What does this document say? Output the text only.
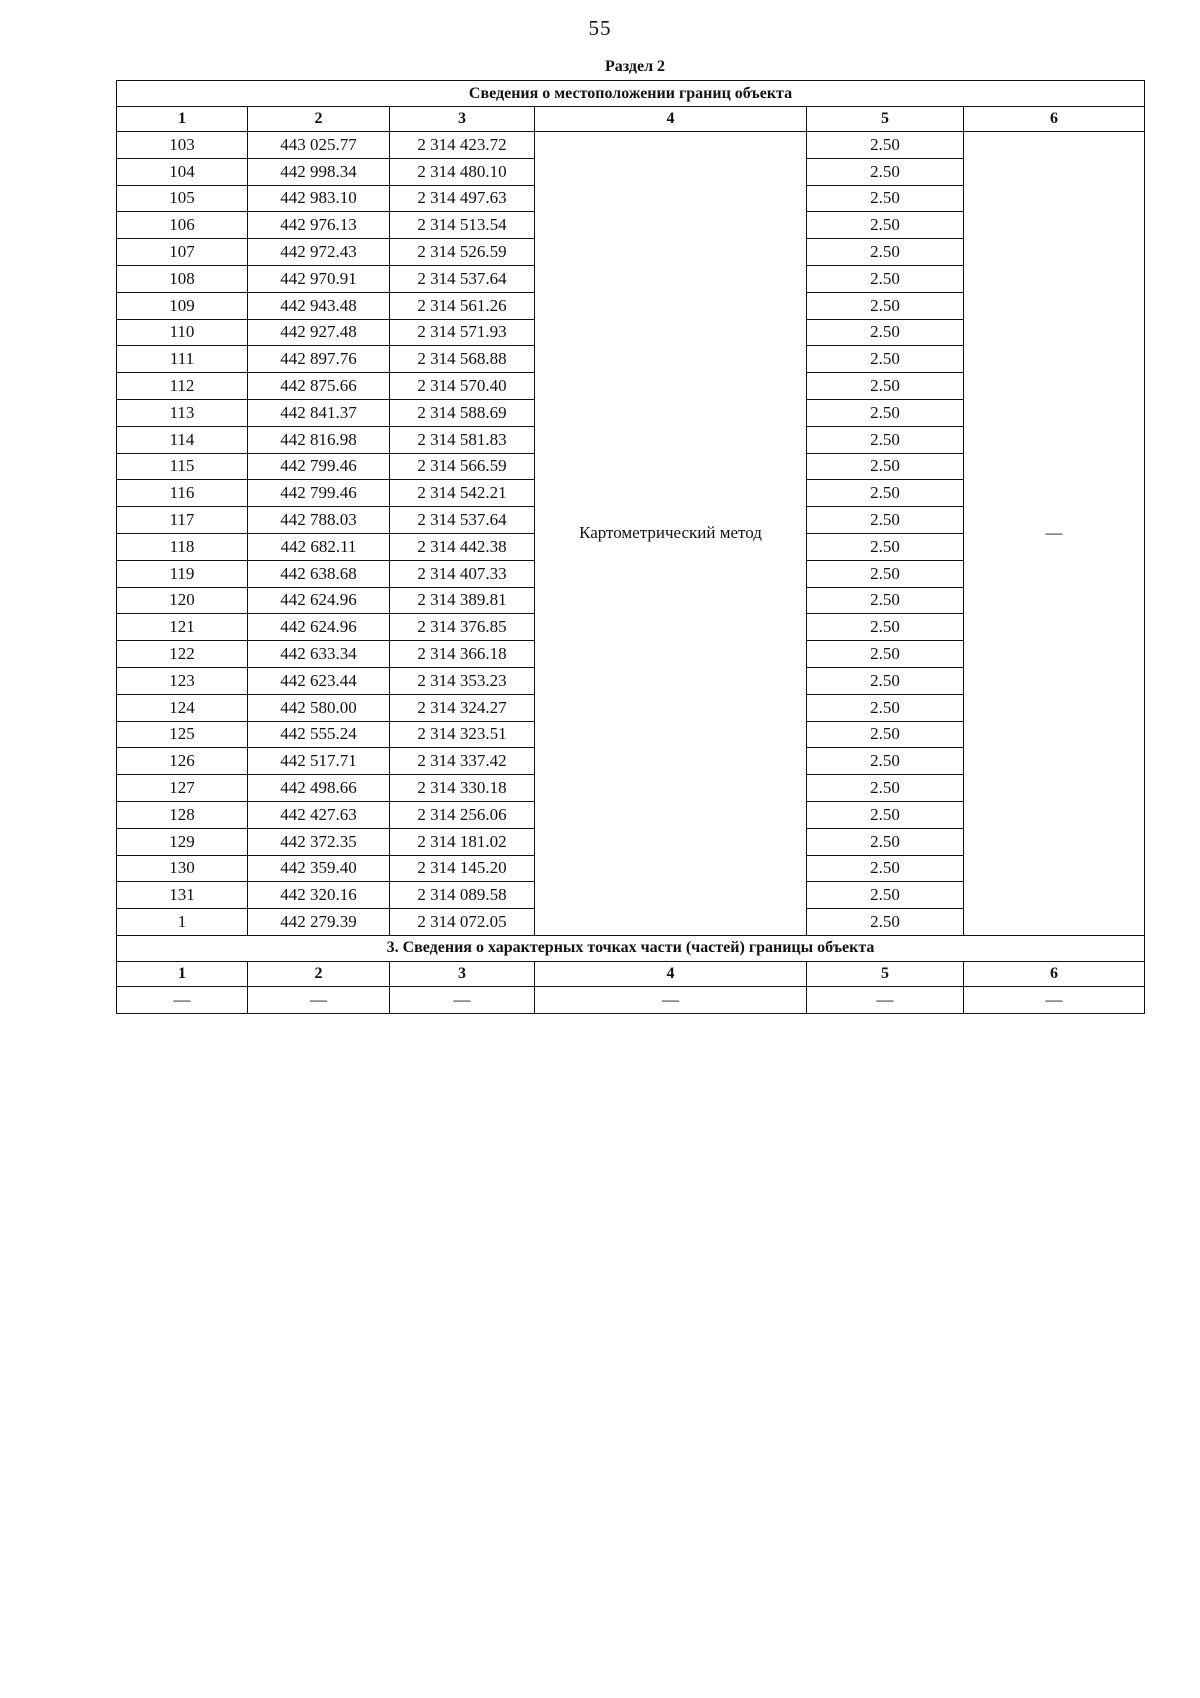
55
Раздел 2
Сведения о местоположении границ объекта					
1	2	3	4	5	6
103	443 025.77	2 314 423.72	Картометрический метод	2.50	—
104	442 998.34	2 314 480.10		2.50	
105	442 983.10	2 314 497.63		2.50	
106	442 976.13	2 314 513.54		2.50	
107	442 972.43	2 314 526.59		2.50	
108	442 970.91	2 314 537.64		2.50	
109	442 943.48	2 314 561.26		2.50	
110	442 927.48	2 314 571.93		2.50	
111	442 897.76	2 314 568.88		2.50	
112	442 875.66	2 314 570.40		2.50	
113	442 841.37	2 314 588.69		2.50	
114	442 816.98	2 314 581.83		2.50	
115	442 799.46	2 314 566.59		2.50	
116	442 799.46	2 314 542.21		2.50	
117	442 788.03	2 314 537.64		2.50	
118	442 682.11	2 314 442.38		2.50	
119	442 638.68	2 314 407.33		2.50	
120	442 624.96	2 314 389.81		2.50	
121	442 624.96	2 314 376.85		2.50	
122	442 633.34	2 314 366.18		2.50	
123	442 623.44	2 314 353.23		2.50	
124	442 580.00	2 314 324.27		2.50	
125	442 555.24	2 314 323.51		2.50	
126	442 517.71	2 314 337.42		2.50	
127	442 498.66	2 314 330.18		2.50	
128	442 427.63	2 314 256.06		2.50	
129	442 372.35	2 314 181.02		2.50	
130	442 359.40	2 314 145.20		2.50	
131	442 320.16	2 314 089.58		2.50	
1	442 279.39	2 314 072.05		2.50	
3. Сведения о характерных точках части (частей) границы объекта					
1	2	3	4	5	6
—	—	—	—	—	—
